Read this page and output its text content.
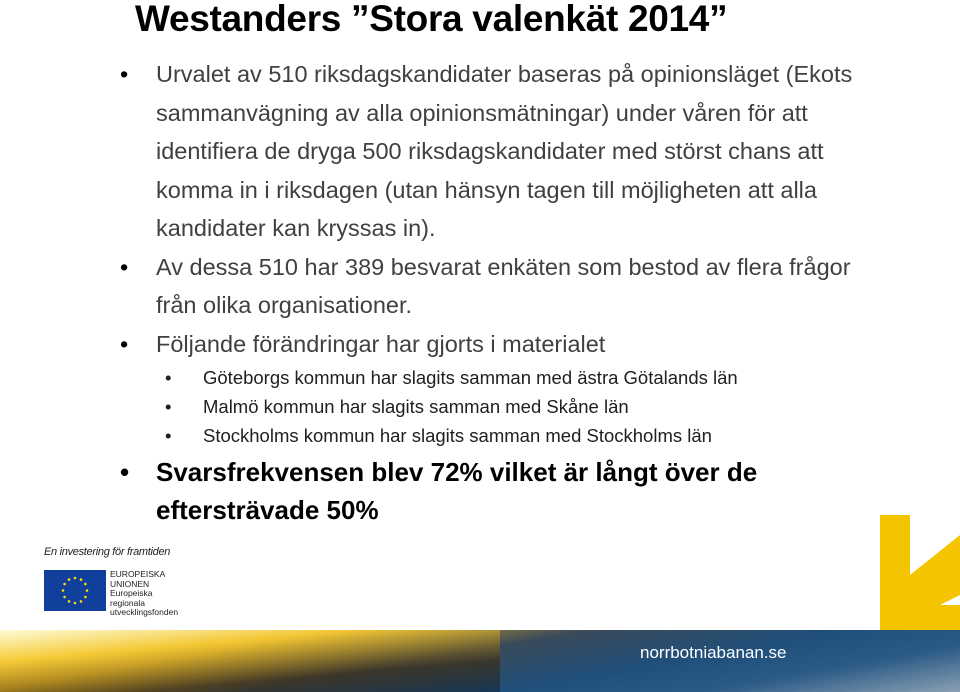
Westanders ”Stora valenkät 2014”
• Urvalet av 510 riksdagskandidater baseras på opinionsläget (Ekots sammanvägning av alla opinionsmätningar) under våren för att identifiera de dryga 500 riksdagskandidater med störst chans att komma in i riksdagen (utan hänsyn tagen till möjligheten att alla kandidater kan kryssas in).
• Av dessa 510 har 389 besvarat enkäten som bestod av flera frågor från olika organisationer.
• Följande förändringar har gjorts i materialet
• Göteborgs kommun har slagits samman med ästra Götalands län
• Malmö kommun har slagits samman med Skåne län
• Stockholms kommun har slagits samman med Stockholms län
• Svarsfrekvensen blev 72% vilket är långt över de eftersträvade 50%
En investering för framtiden
EUROPEISKA
UNIONEN
Europeiska
regionala
utvecklingsfonden
norrbotniabanan.se
